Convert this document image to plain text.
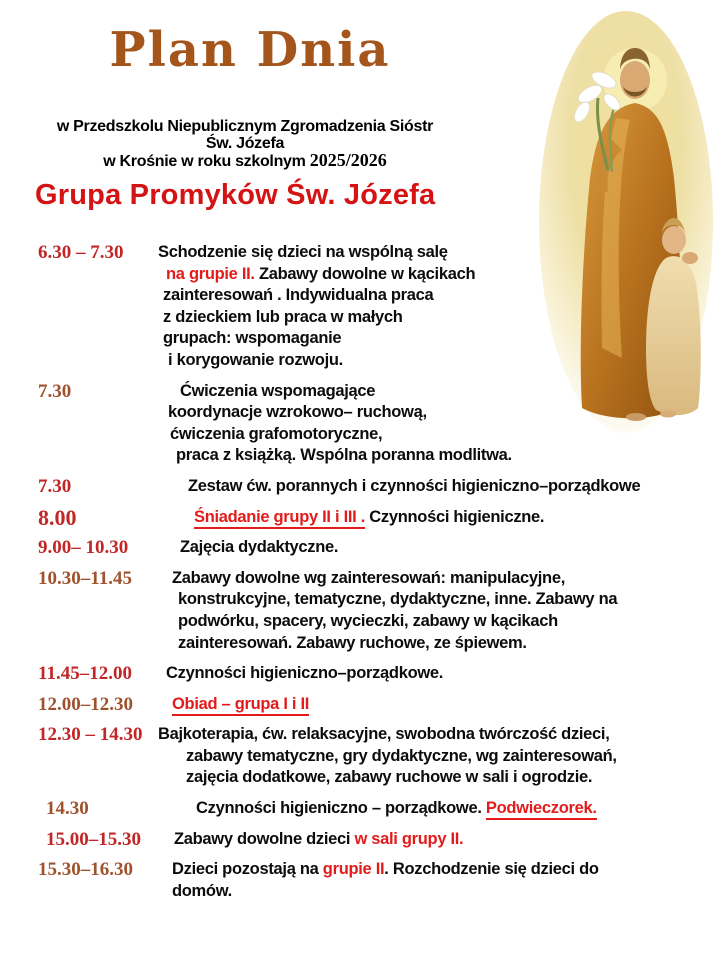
Plan Dnia
w Przedszkolu Niepublicznym Zgromadzenia Sióstr
Św. Józefa
w Krośnie w roku szkolnym 2025/2026
Grupa Promyków Św. Józefa
6.30 – 7.30	Schodzenie się dzieci na wspólną salę
na grupie II. Zabawy dowolne w kącikach
zainteresowań . Indywidualna praca
z dzieckiem lub praca w małych
grupach: wspomaganie
i korygowanie rozwoju.
7.30	Ćwiczenia wspomagające
koordynacje wzrokowo– ruchową,
ćwiczenia grafomotoryczne,
praca z książką. Wspólna poranna modlitwa.
7.30	Zestaw ćw. porannych i czynności higieniczno–porządkowe
8.00	Śniadanie grupy II i III . Czynności higieniczne.
9.00– 10.30	Zajęcia dydaktyczne.
10.30–11.45	Zabawy dowolne wg zainteresowań: manipulacyjne,
konstrukcyjne, tematyczne, dydaktyczne, inne. Zabawy na
podwórku, spacery, wycieczki, zabawy w kącikach
zainteresowań. Zabawy ruchowe, ze śpiewem.
11.45–12.00	Czynności higieniczno–porządkowe.
12.00–12.30	Obiad – grupa I i II
12.30 – 14.30 Bajkoterapia, ćw. relaksacyjne, swobodna twórczość dzieci,
zabawy tematyczne, gry dydaktyczne, wg zainteresowań,
zajęcia dodatkowe, zabawy ruchowe w sali i ogrodzie.
14.30	Czynności higieniczno – porządkowe. Podwieczorek.
15.00–15.30	Zabawy dowolne dzieci w sali grupy II.
15.30–16.30	Dzieci pozostają na grupie II. Rozchodzenie się dzieci do
domów.
